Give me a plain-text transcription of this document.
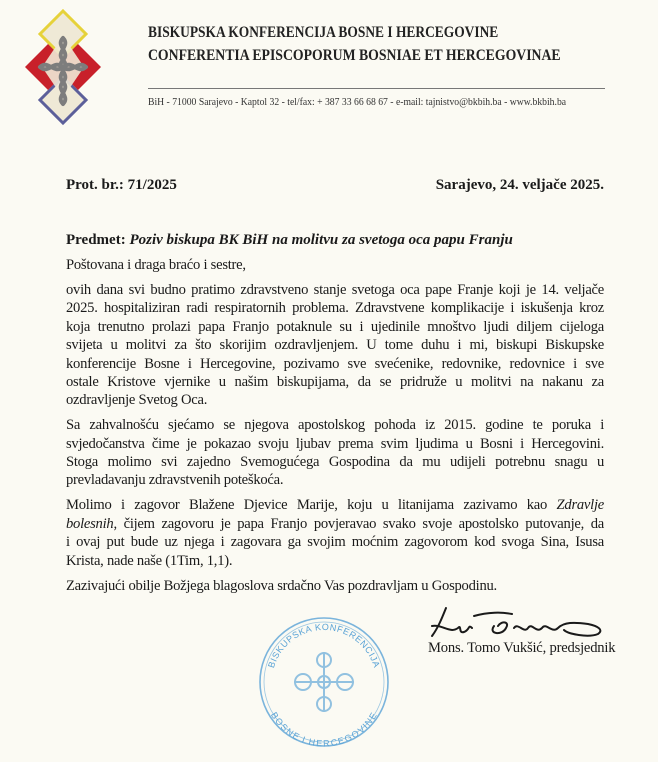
BISKUPSKA KONFERENCIJA BOSNE I HERCEGOVINE
CONFERENTIA EPISCOPORUM BOSNIAE ET HERCEGOVINAE
BiH - 71000 Sarajevo - Kaptol 32 - tel/fax: + 387 33 66 68 67 - e-mail: tajnistvo@bkbih.ba - www.bkbih.ba
Prot. br.: 71/2025	Sarajevo, 24. veljače 2025.
Predmet: Poziv biskupa BK BiH na molitvu za svetoga oca papu Franju
Poštovana i draga braćo i sestre,
ovih dana svi budno pratimo zdravstveno stanje svetoga oca pape Franje koji je 14. veljače
2025. hospitaliziran radi respiratornih problema. Zdravstvene komplikacije i iskušenja kroz
koja trenutno prolazi papa Franjo potaknule su i ujedinile mnoštvo ljudi diljem cijeloga
svijeta u molitvi za što skorijim ozdravljenjem. U tome duhu i mi, biskupi Biskupske
konferencije Bosne i Hercegovine, pozivamo sve svećenike, redovnike, redovnice i sve
ostale Kristove vjernike u našim biskupijama, da se pridruže u molitvi na nakanu za
ozdravljenje Svetog Oca.
Sa zahvalnošću sjećamo se njegova apostolskog pohoda iz 2015. godine te poruka i
svjedočanstva čime je pokazao svoju ljubav prema svim ljudima u Bosni i Hercegovini.
Stoga molimo svi zajedno Svemogućega Gospodina da mu udijeli potrebnu snagu u
prevladavanju zdravstvenih poteškoća.
Molimo i zagovor Blažene Djevice Marije, koju u litanijama zazivamo kao Zdravlje
bolesnih, čijem zagovoru je papa Franjo povjeravao svako svoje apostolsko putovanje, da
i ovaj put bude uz njega i zagovara ga svojim moćnim zagovorom kod svoga Sina, Isusa
Krista, nade naše (1Tim, 1,1).
Zazivajući obilje Božjega blagoslova srdačno Vas pozdravljam u Gospodinu.
BISKUPSKA KONFERENCIJA
BOSNE I HERCEGOVINE
Mons. Tomo Vukšić, predsjednik
